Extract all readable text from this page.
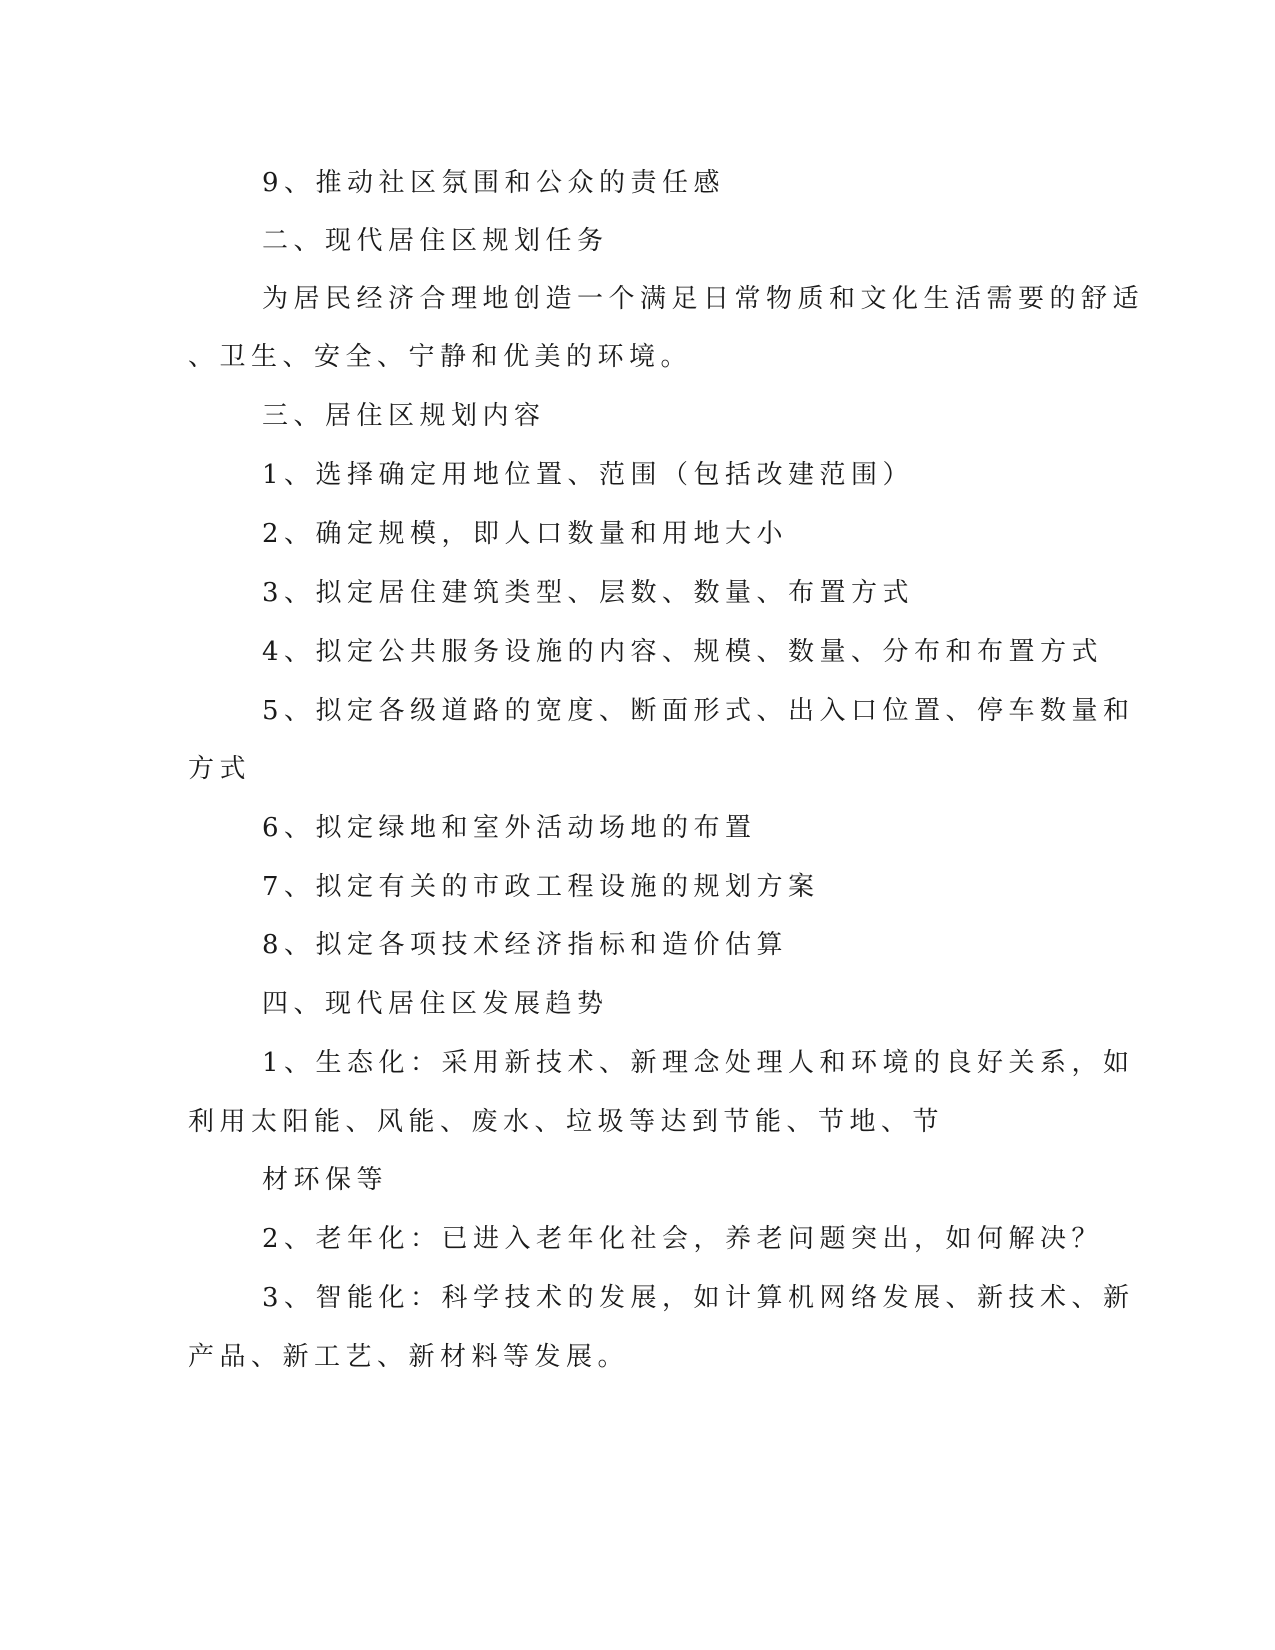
9、推动社区氛围和公众的责任感

二、现代居住区规划任务

为居民经济合理地创造一个满足日常物质和文化生活需要的舒适

、卫生、安全、宁静和优美的环境。

三、居住区规划内容

1、选择确定用地位置、范围（包括改建范围）

2、确定规模，即人口数量和用地大小

3、拟定居住建筑类型、层数、数量、布置方式

4、拟定公共服务设施的内容、规模、数量、分布和布置方式

5、拟定各级道路的宽度、断面形式、出入口位置、停车数量和

方式

6、拟定绿地和室外活动场地的布置

7、拟定有关的市政工程设施的规划方案

8、拟定各项技术经济指标和造价估算

四、现代居住区发展趋势

1、生态化：采用新技术、新理念处理人和环境的良好关系，如

利用太阳能、风能、废水、垃圾等达到节能、节地、节

材环保等

2、老年化：已进入老年化社会，养老问题突出，如何解决？

3、智能化：科学技术的发展，如计算机网络发展、新技术、新

产品、新工艺、新材料等发展。
